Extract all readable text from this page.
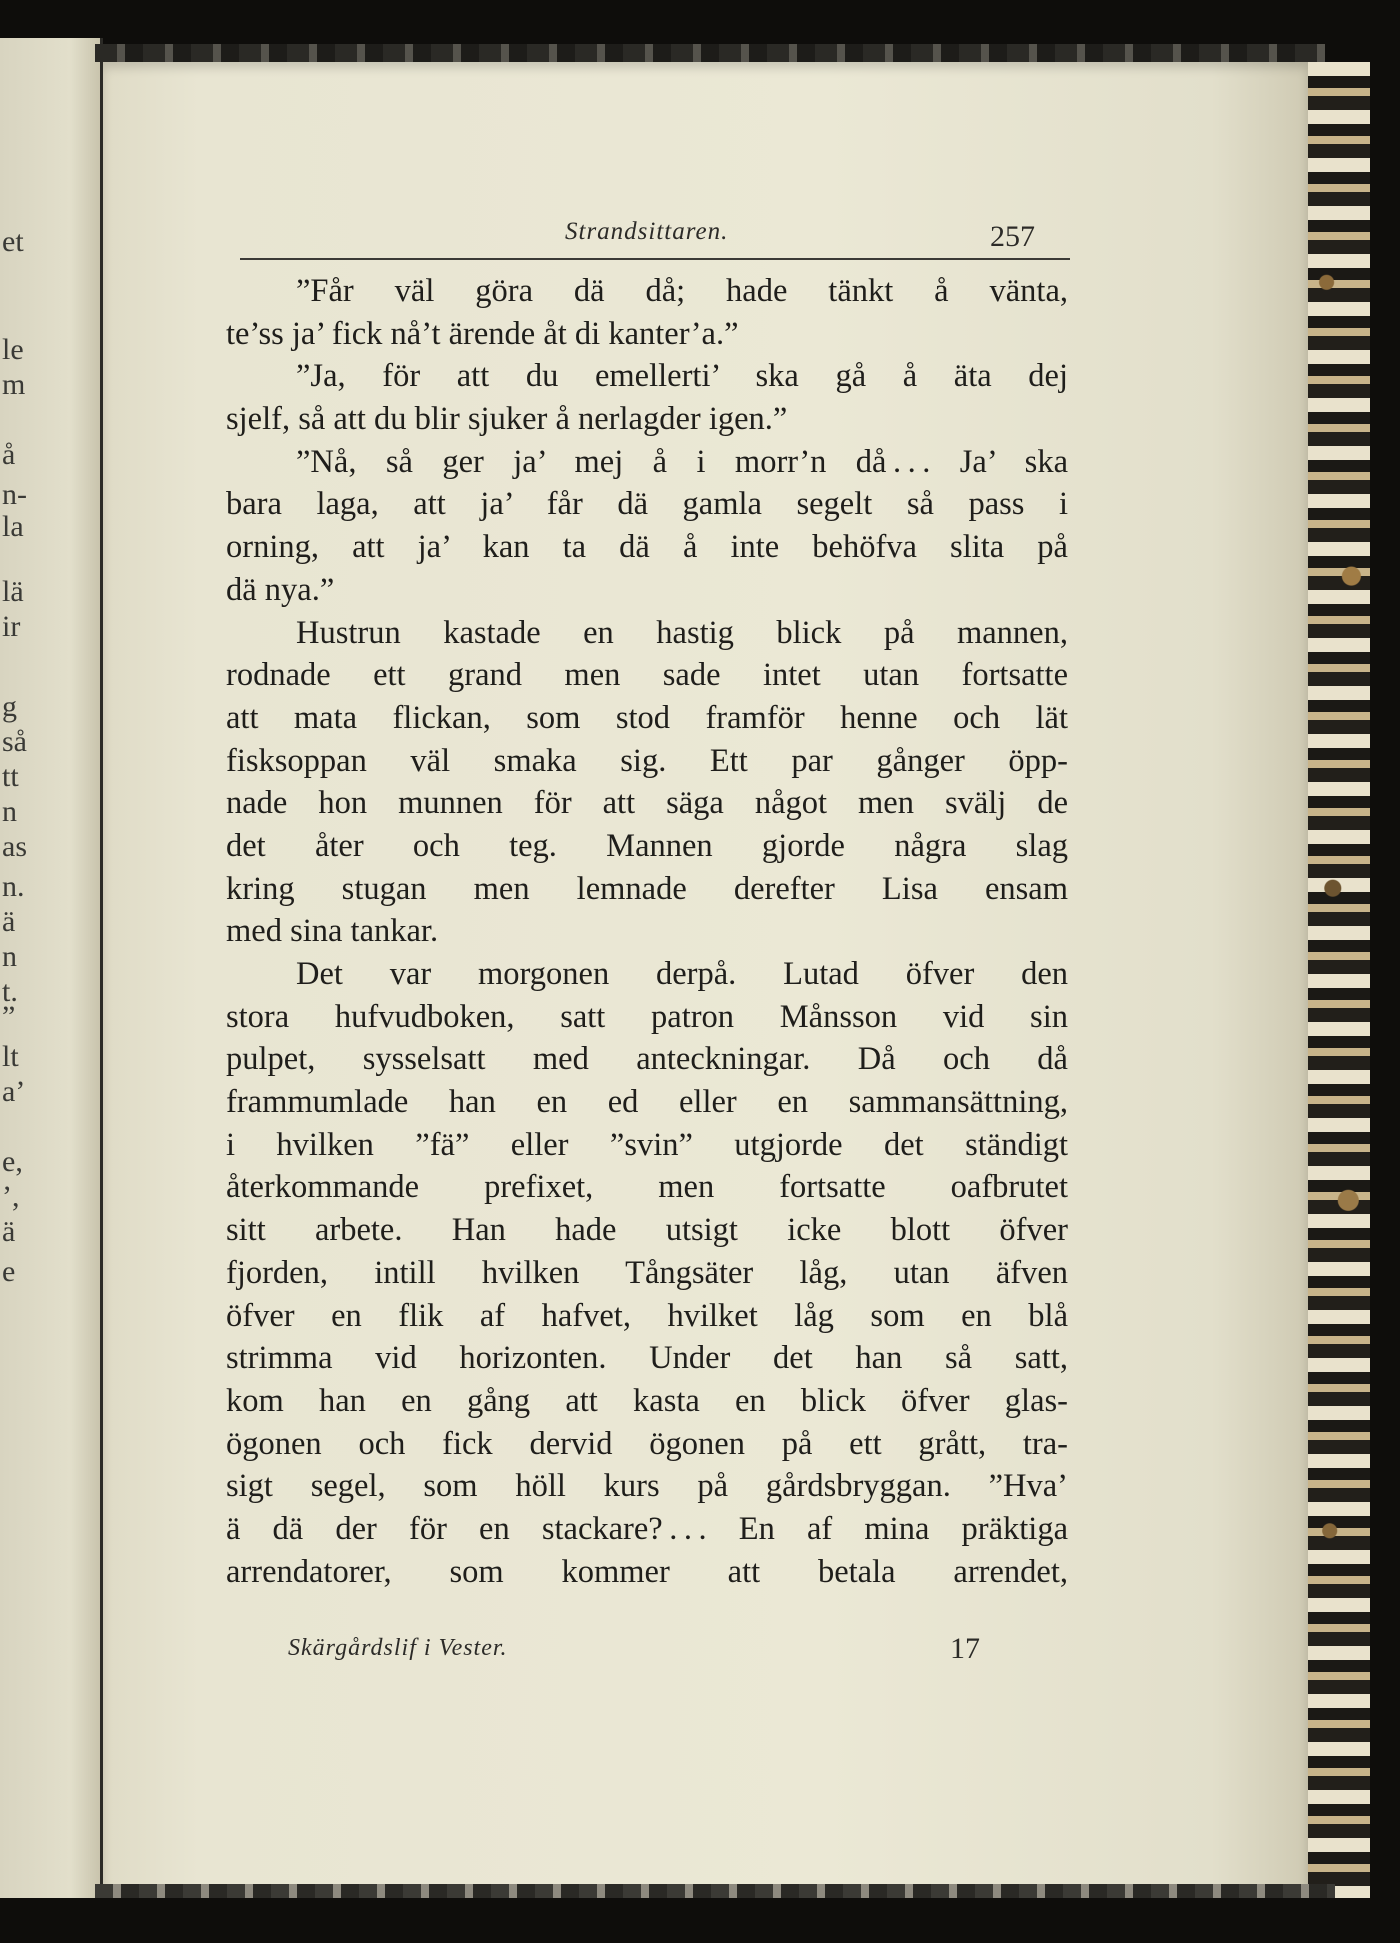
et
le
m
å
n-
la
lä
ir
g
så
tt
n
as
n.
ä
n
t.
”
lt
a’
e,
’,
ä
e
Strandsittaren.	257
”Får väl göra dä då; hade tänkt å vänta,
te’ss ja’ fick nå’t ärende åt di kanter’a.”
”Ja, för att du emellerti’ ska gå å äta dej
sjelf, så att du blir sjuker å nerlagder igen.”
”Nå, så ger ja’ mej å i morr’n då . . . Ja’ ska
bara laga, att ja’ får dä gamla segelt så pass i
orning, att ja’ kan ta dä å inte behöfva slita på
dä nya.”
Hustrun kastade en hastig blick på mannen,
rodnade ett grand men sade intet utan fortsatte
att mata flickan, som stod framför henne och lät
fisksoppan väl smaka sig. Ett par gånger öpp-
nade hon munnen för att säga något men svälj de
det åter och teg. Mannen gjorde några slag
kring stugan men lemnade derefter Lisa ensam
med sina tankar.
Det var morgonen derpå. Lutad öfver den
stora hufvudboken, satt patron Månsson vid sin
pulpet, sysselsatt med anteckningar. Då och då
frammumlade han en ed eller en sammansättning,
i hvilken ”fä” eller ”svin” utgjorde det ständigt
återkommande prefixet, men fortsatte oafbrutet
sitt arbete. Han hade utsigt icke blott öfver
fjorden, intill hvilken Tångsäter låg, utan äfven
öfver en flik af hafvet, hvilket låg som en blå
strimma vid horizonten. Under det han så satt,
kom han en gång att kasta en blick öfver glas-
ögonen och fick dervid ögonen på ett grått, tra-
sigt segel, som höll kurs på gårdsbryggan. ”Hva’
ä dä der för en stackare? . . . En af mina präktiga
arrendatorer, som kommer att betala arrendet,
Skärgårdslif i Vester.	17
